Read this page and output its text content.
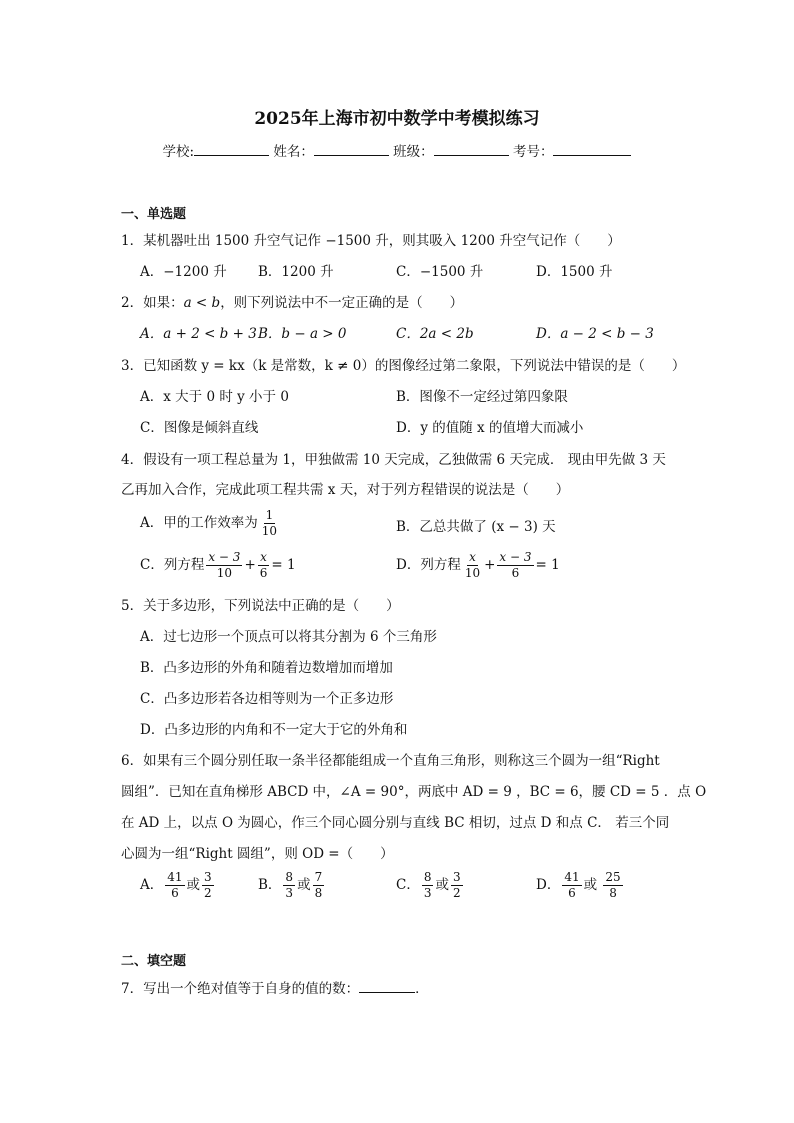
2025年上海市初中数学中考模拟练习
学校:	姓名：	班级：	考号：
一、单选题
1．某机器吐出 1500 升空气记作 −1500 升，则其吸入 1200 升空气记作（　　）
A．−1200 升 B．1200 升	C．−1500 升	D．1500 升
2．如果：a < b，则下列说法中不一定正确的是（　　）
A．a + 2 < b + 3 B．b − a > 0	C．2a < 2b	D．a − 2 < b − 3
3．已知函数 y = kx（k 是常数，k ≠ 0）的图像经过第二象限，下列说法中错误的是（　　）
A．x 大于 0 时 y 小于 0	B．图像不一定经过第四象限
C．图像是倾斜直线	D．y 的值随 x 的值增大而减小
4．假设有一项工程总量为 1，甲独做需 10 天完成，乙独做需 6 天完成． 现由甲先做 3 天
乙再加入合作，完成此项工程共需 x 天，对于列方程错误的说法是（　　）
A．甲的工作效率为 $\frac{1}{10}$	B．乙总共做了 (x − 3) 天
C．列方程 $\frac{x - 3}{10} + \frac{x}{6} = 1$	D．列方程 $\frac{x}{10} + \frac{x - 3}{6} = 1$
5．关于多边形，下列说法中正确的是（　　）
A．过七边形一个顶点可以将其分割为 6 个三角形
B．凸多边形的外角和随着边数增加而增加
C．凸多边形若各边相等则为一个正多边形
D．凸多边形的内角和不一定大于它的外角和
6．如果有三个圆分别任取一条半径都能组成一个直角三角形，则称这三个圆为一组“Right
圆组”．已知在直角梯形 ABCD 中，∠A = 90°，两底中 AD = 9 ，BC = 6，腰 CD = 5 ．点 O
在 AD 上，以点 O 为圆心，作三个同心圆分别与直线 BC 相切，过点 D 和点 C． 若三个同
心圆为一组“Right 圆组”，则 OD =（　　）
A． $\frac{41}{6}$ 或 $\frac{3}{2}$	B． $\frac{8}{3}$ 或 $\frac{7}{8}$	C． $\frac{8}{3}$ 或 $\frac{3}{2}$	D． $\frac{41}{6}$ 或 $\frac{25}{8}$
二、填空题
7．写出一个绝对值等于自身的值的数：	．
